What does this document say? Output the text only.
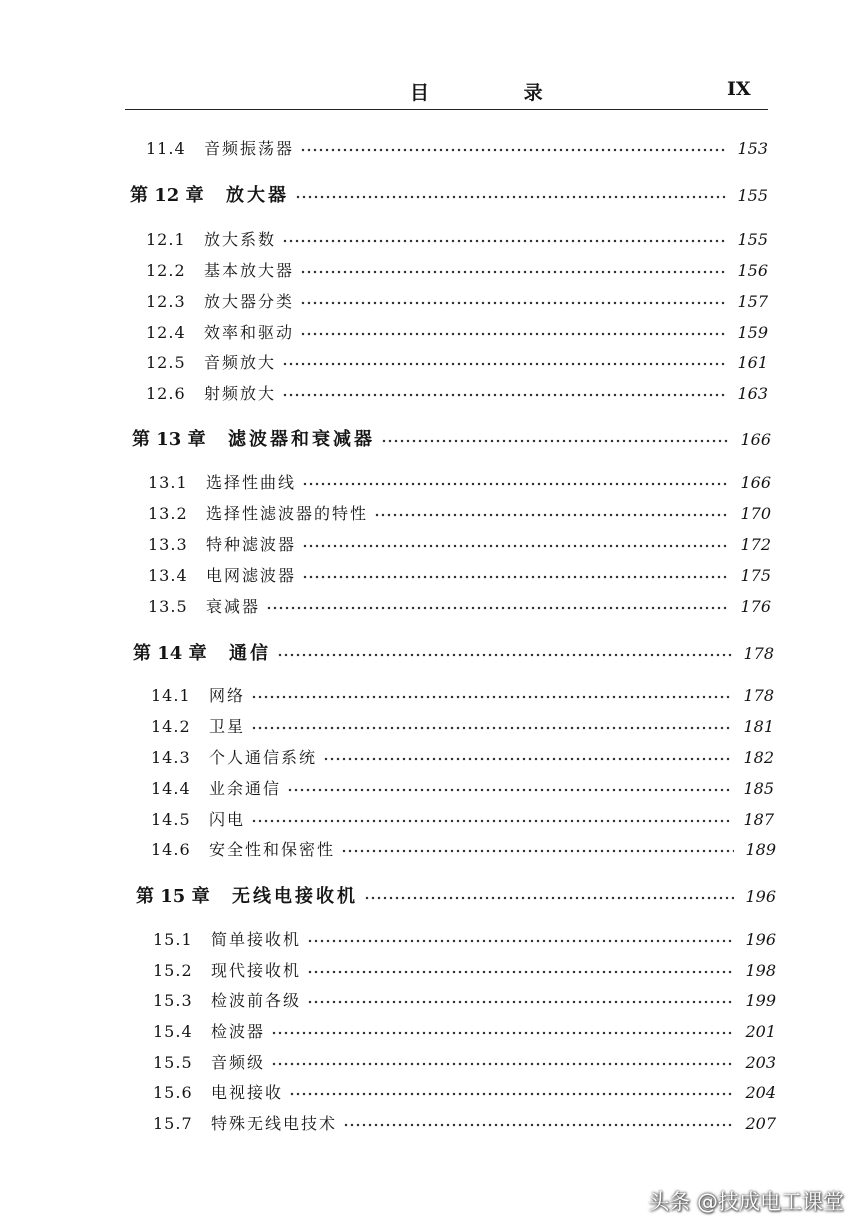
目 录	IX
11.4	音频振荡器	153
第 12 章	放大器	155
12.1	放大系数	155
12.2	基本放大器	156
12.3	放大器分类	157
12.4	效率和驱动	159
12.5	音频放大	161
12.6	射频放大	163
第 13 章	滤波器和衰减器	166
13.1	选择性曲线	166
13.2	选择性滤波器的特性	170
13.3	特种滤波器	172
13.4	电网滤波器	175
13.5	衰减器	176
第 14 章	通信	178
14.1	网络	178
14.2	卫星	181
14.3	个人通信系统	182
14.4	业余通信	185
14.5	闪电	187
14.6	安全性和保密性	189
第 15 章	无线电接收机	196
15.1	简单接收机	196
15.2	现代接收机	198
15.3	检波前各级	199
15.4	检波器	201
15.5	音频级	203
15.6	电视接收	204
15.7	特殊无线电技术	207
头条 @技成电工课堂
